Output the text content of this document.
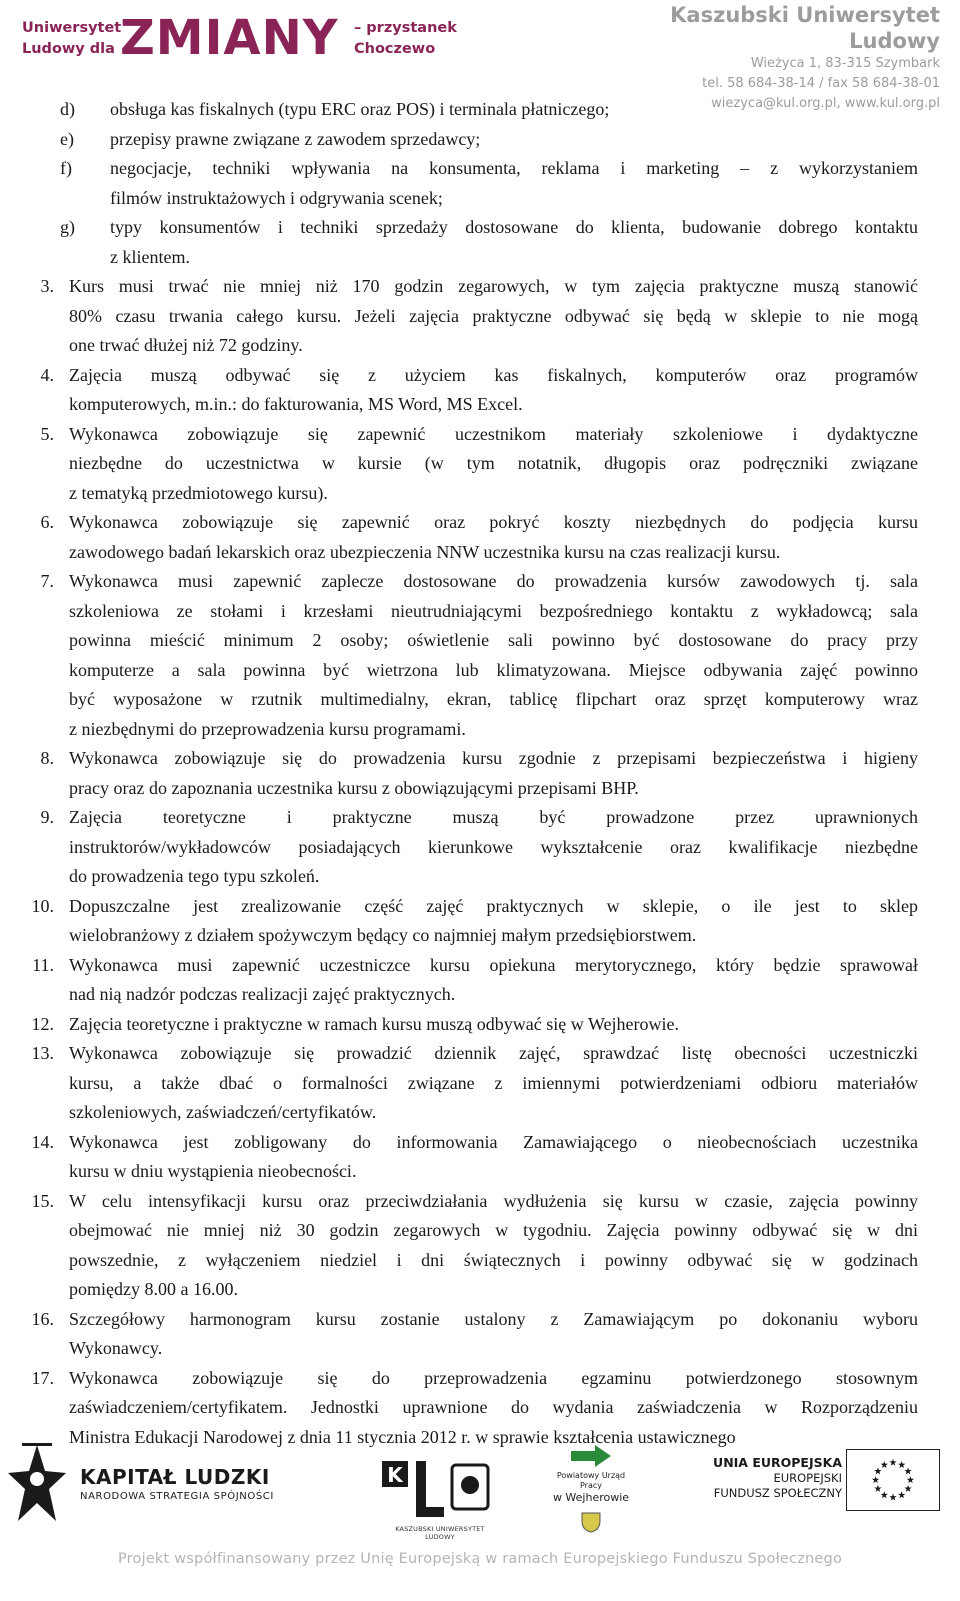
Uniwersytet
Ludowy dla ZMIANY – przystanek
Choczewo
Kaszubski Uniwersytet Ludowy
Wieżyca 1, 83-315 Szymbark
tel. 58 684-38-14 / fax 58 684-38-01
wiezyca@kul.org.pl, www.kul.org.pl
d)	obsługa kas fiskalnych (typu ERC oraz POS) i terminala płatniczego;
e)	przepisy prawne związane z zawodem sprzedawcy;
f)	negocjacje, techniki wpływania na konsumenta, reklama i marketing – z wykorzystaniem
filmów instruktażowych i odgrywania scenek;
g)	typy konsumentów i techniki sprzedaży dostosowane do klienta, budowanie dobrego kontaktu
z klientem.
3. Kurs musi trwać nie mniej niż 170 godzin zegarowych, w tym zajęcia praktyczne muszą stanowić
80% czasu trwania całego kursu. Jeżeli zajęcia praktyczne odbywać się będą w sklepie to nie mogą
one trwać dłużej niż 72 godziny.
4. Zajęcia muszą odbywać się z użyciem kas fiskalnych, komputerów oraz programów
komputerowych, m.in.: do fakturowania, MS Word, MS Excel.
5. Wykonawca zobowiązuje się zapewnić uczestnikom materiały szkoleniowe i dydaktyczne
niezbędne do uczestnictwa w kursie (w tym notatnik, długopis oraz podręczniki związane
z tematyką przedmiotowego kursu).
6. Wykonawca zobowiązuje się zapewnić oraz pokryć koszty niezbędnych do podjęcia kursu
zawodowego badań lekarskich oraz ubezpieczenia NNW uczestnika kursu na czas realizacji kursu.
7. Wykonawca musi zapewnić zaplecze dostosowane do prowadzenia kursów zawodowych tj. sala
szkoleniowa ze stołami i krzesłami nieutrudniającymi bezpośredniego kontaktu z wykładowcą; sala
powinna mieścić minimum 2 osoby; oświetlenie sali powinno być dostosowane do pracy przy
komputerze a sala powinna być wietrzona lub klimatyzowana. Miejsce odbywania zajęć powinno
być wyposażone w rzutnik multimedialny, ekran, tablicę flipchart oraz sprzęt komputerowy wraz
z niezbędnymi do przeprowadzenia kursu programami.
8. Wykonawca zobowiązuje się do prowadzenia kursu zgodnie z przepisami bezpieczeństwa i higieny
pracy oraz do zapoznania uczestnika kursu z obowiązującymi przepisami BHP.
9. Zajęcia teoretyczne i praktyczne muszą być prowadzone przez uprawnionych
instruktorów/wykładowców posiadających kierunkowe wykształcenie oraz kwalifikacje niezbędne
do prowadzenia tego typu szkoleń.
10. Dopuszczalne jest zrealizowanie część zajęć praktycznych w sklepie, o ile jest to sklep
wielobranżowy z działem spożywczym będący co najmniej małym przedsiębiorstwem.
11. Wykonawca musi zapewnić uczestniczce kursu opiekuna merytorycznego, który będzie sprawował
nad nią nadzór podczas realizacji zajęć praktycznych.
12. Zajęcia teoretyczne i praktyczne w ramach kursu muszą odbywać się w Wejherowie.
13. Wykonawca zobowiązuje się prowadzić dziennik zajęć, sprawdzać listę obecności uczestniczki
kursu, a także dbać o formalności związane z imiennymi potwierdzeniami odbioru materiałów
szkoleniowych, zaświadczeń/certyfikatów.
14. Wykonawca jest zobligowany do informowania Zamawiającego o nieobecnościach uczestnika
kursu w dniu wystąpienia nieobecności.
15. W celu intensyfikacji kursu oraz przeciwdziałania wydłużenia się kursu w czasie, zajęcia powinny
obejmować nie mniej niż 30 godzin zegarowych w tygodniu. Zajęcia powinny odbywać się w dni
powszednie, z wyłączeniem niedziel i dni świątecznych i powinny odbywać się w godzinach
pomiędzy 8.00 a 16.00.
16. Szczegółowy harmonogram kursu zostanie ustalony z Zamawiającym po dokonaniu wyboru
Wykonawcy.
17. Wykonawca zobowiązuje się do przeprowadzenia egzaminu potwierdzonego stosownym
zaświadczeniem/certyfikatem. Jednostki uprawnione do wydania zaświadczenia w Rozporządzeniu
Ministra Edukacji Narodowej z dnia 11 stycznia 2012 r. w sprawie kształcenia ustawicznego
KAPITAŁ LUDZKI
NARODOWA STRATEGIA SPÓJNOŚCI
K
KASZUBSKI UNIWERSYTET LUDOWY
Powiatowy Urząd Pracy
w Wejherowie
UNIA EUROPEJSKA
EUROPEJSKI
FUNDUSZ SPOŁECZNY
Projekt współfinansowany przez Unię Europejską w ramach Europejskiego Funduszu Społecznego
